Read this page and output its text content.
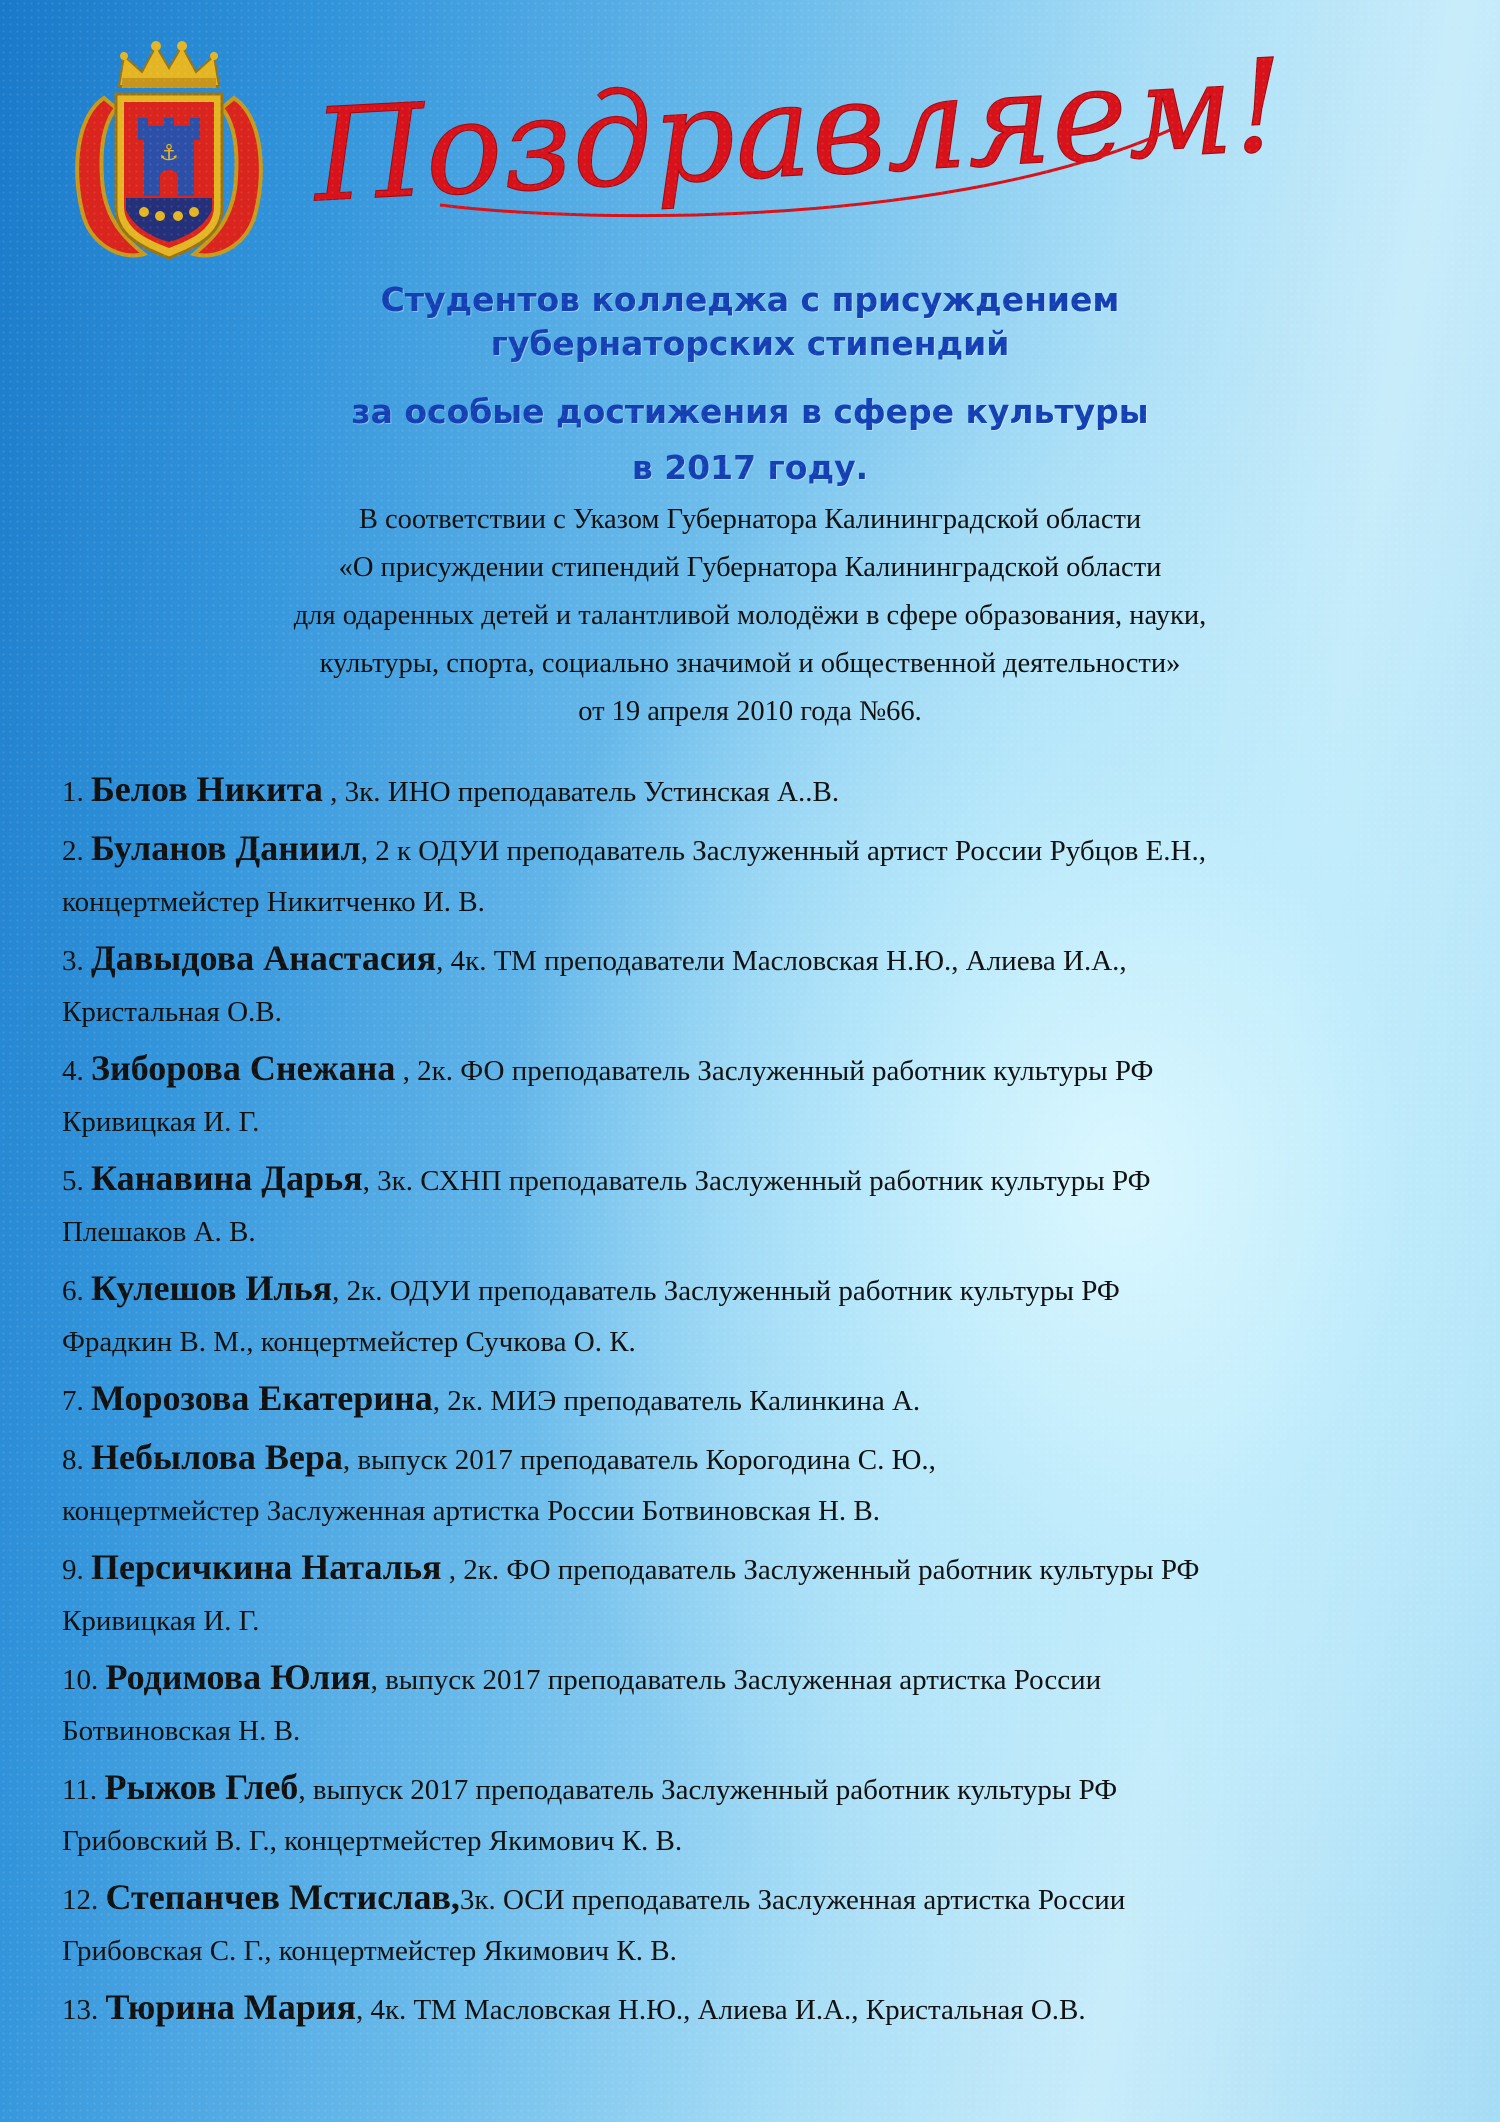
⚓ Поздравляем!

Студентов колледжа с присуждением

губернаторских стипендий

за особые достижения в сфере культуры

в 2017 году.

В соответствии с Указом Губернатора Калининградской области

«О присуждении стипендий Губернатора Калининградской области

для одаренных детей и талантливой молодёжи в сфере образования, науки,

культуры, спорта, социально значимой и общественной деятельности»

от 19 апреля 2010 года №66.

1. Белов Никита , 3к. ИНО преподаватель Устинская А..В.
2. Буланов Даниил, 2 к ОДУИ преподаватель Заслуженный артист России Рубцов Е.Н.,
концертмейстер Никитченко И. В.
3. Давыдова Анастасия, 4к. ТМ преподаватели Масловская Н.Ю., Алиева И.А.,
Кристальная О.В.
4. Зиборова Снежана , 2к. ФО преподаватель Заслуженный работник культуры РФ
Кривицкая И. Г.
5. Канавина Дарья, 3к. СХНП преподаватель Заслуженный работник культуры РФ
Плешаков А. В.
6. Кулешов Илья, 2к. ОДУИ преподаватель Заслуженный работник культуры РФ
Фрадкин В. М., концертмейстер Сучкова О. К.
7. Морозова Екатерина, 2к. МИЭ преподаватель Калинкина А.
8. Небылова Вера, выпуск 2017 преподаватель Корогодина С. Ю.,
концертмейстер Заслуженная артистка России Ботвиновская Н. В.
9. Персичкина Наталья , 2к. ФО преподаватель Заслуженный работник культуры РФ
Кривицкая И. Г.
10. Родимова Юлия, выпуск 2017 преподаватель Заслуженная артистка России
Ботвиновская Н. В.
11. Рыжов Глеб, выпуск 2017 преподаватель Заслуженный работник культуры РФ
Грибовский В. Г., концертмейстер Якимович К. В.
12. Степанчев Мстислав,3к. ОСИ преподаватель Заслуженная артистка России
Грибовская С. Г., концертмейстер Якимович К. В.
13. Тюрина Мария, 4к. ТМ Масловская Н.Ю., Алиева И.А., Кристальная О.В.
